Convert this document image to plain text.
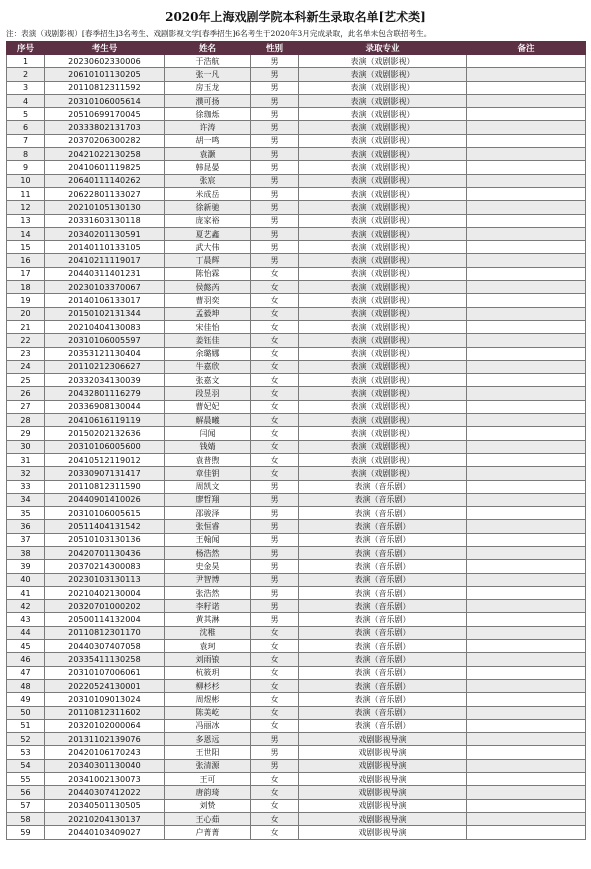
2020年上海戏剧学院本科新生录取名单[艺术类]
注：表演（戏剧影视）[春季招生]3名考生、戏剧影视文学[春季招生]6名考生于2020年3月完成录取，此名单未包含联招考生。
序号	考生号	姓名	性别	录取专业	备注
1	20230602330006	于浩航	男	表演（戏剧影视）	
2	20610101130205	张一凡	男	表演（戏剧影视）	
3	20110812311592	房玉龙	男	表演（戏剧影视）	
4	20310106005614	濮可扬	男	表演（戏剧影视）	
5	20510699170045	徐珈烁	男	表演（戏剧影视）	
6	20333802131703	许涛	男	表演（戏剧影视）	
7	20370206300282	胡一鸣	男	表演（戏剧影视）	
8	20421022130258	袁灏	男	表演（戏剧影视）	
9	20410601119825	韩昆晏	男	表演（戏剧影视）	
10	20640111140262	张宸	男	表演（戏剧影视）	
11	20622801133027	米成岳	男	表演（戏剧影视）	
12	20210105130130	徐新驰	男	表演（戏剧影视）	
13	20331603130118	庞家裕	男	表演（戏剧影视）	
14	20340201130591	夏艺鑫	男	表演（戏剧影视）	
15	20140110133105	武大伟	男	表演（戏剧影视）	
16	20410211119017	丁晨辉	男	表演（戏剧影视）	
17	20440311401231	陈怡霖	女	表演（戏剧影视）	
18	20230103370067	侯懿芮	女	表演（戏剧影视）	
19	20140106133017	曹羽奕	女	表演（戏剧影视）	
20	20150102131344	孟毅坤	女	表演（戏剧影视）	
21	20210404130083	宋佳怡	女	表演（戏剧影视）	
22	20310106005597	姜钰佳	女	表演（戏剧影视）	
23	20353121130404	余璐娜	女	表演（戏剧影视）	
24	20110212306627	牛嘉欣	女	表演（戏剧影视）	
25	20332034130039	张嘉文	女	表演（戏剧影视）	
26	20432801116279	段昱羽	女	表演（戏剧影视）	
27	20336908130044	曹妃妃	女	表演（戏剧影视）	
28	20410616119119	解晨曦	女	表演（戏剧影视）	
29	20150202132636	闫闻	女	表演（戏剧影视）	
30	20310106005600	钱婧	女	表演（戏剧影视）	
31	20410512119012	袁普煦	女	表演（戏剧影视）	
32	20330907131417	章佳钥	女	表演（戏剧影视）	
33	20110812311590	周凯文	男	表演（音乐剧）	
34	20440901410026	廖哲翔	男	表演（音乐剧）	
35	20310106005615	邵骏泽	男	表演（音乐剧）	
36	20511404131542	张恒睿	男	表演（音乐剧）	
37	20510103130136	王翰闻	男	表演（音乐剧）	
38	20420701130436	杨浩然	男	表演（音乐剧）	
39	20370214300083	史金昊	男	表演（音乐剧）	
40	20230103130113	尹智博	男	表演（音乐剧）	
41	20210402130004	张浩然	男	表演（音乐剧）	
42	20320701000202	李籽诺	男	表演（音乐剧）	
43	20500114132004	黄其淋	男	表演（音乐剧）	
44	20110812301170	沈稚	女	表演（音乐剧）	
45	20440307407058	袁珂	女	表演（音乐剧）	
46	20335411130258	刘雨锒	女	表演（音乐剧）	
47	20310107006061	杭筱玥	女	表演（音乐剧）	
48	20220524130001	柳杉杉	女	表演（音乐剧）	
49	20310109013024	周煜彬	女	表演（音乐剧）	
50	20110812311602	陈美屹	女	表演（音乐剧）	
51	20320102000064	冯丽冰	女	表演（音乐剧）	
52	20131102139076	多恩远	男	戏剧影视导演	
53	20420106170243	王世阳	男	戏剧影视导演	
54	20340301130040	张清源	男	戏剧影视导演	
55	20341002130073	王可	女	戏剧影视导演	
56	20440307412022	唐韵琦	女	戏剧影视导演	
57	20340501130505	刘贽	女	戏剧影视导演	
58	20210204130137	王心茹	女	戏剧影视导演	
59	20440103409027	户菁菁	女	戏剧影视导演	
